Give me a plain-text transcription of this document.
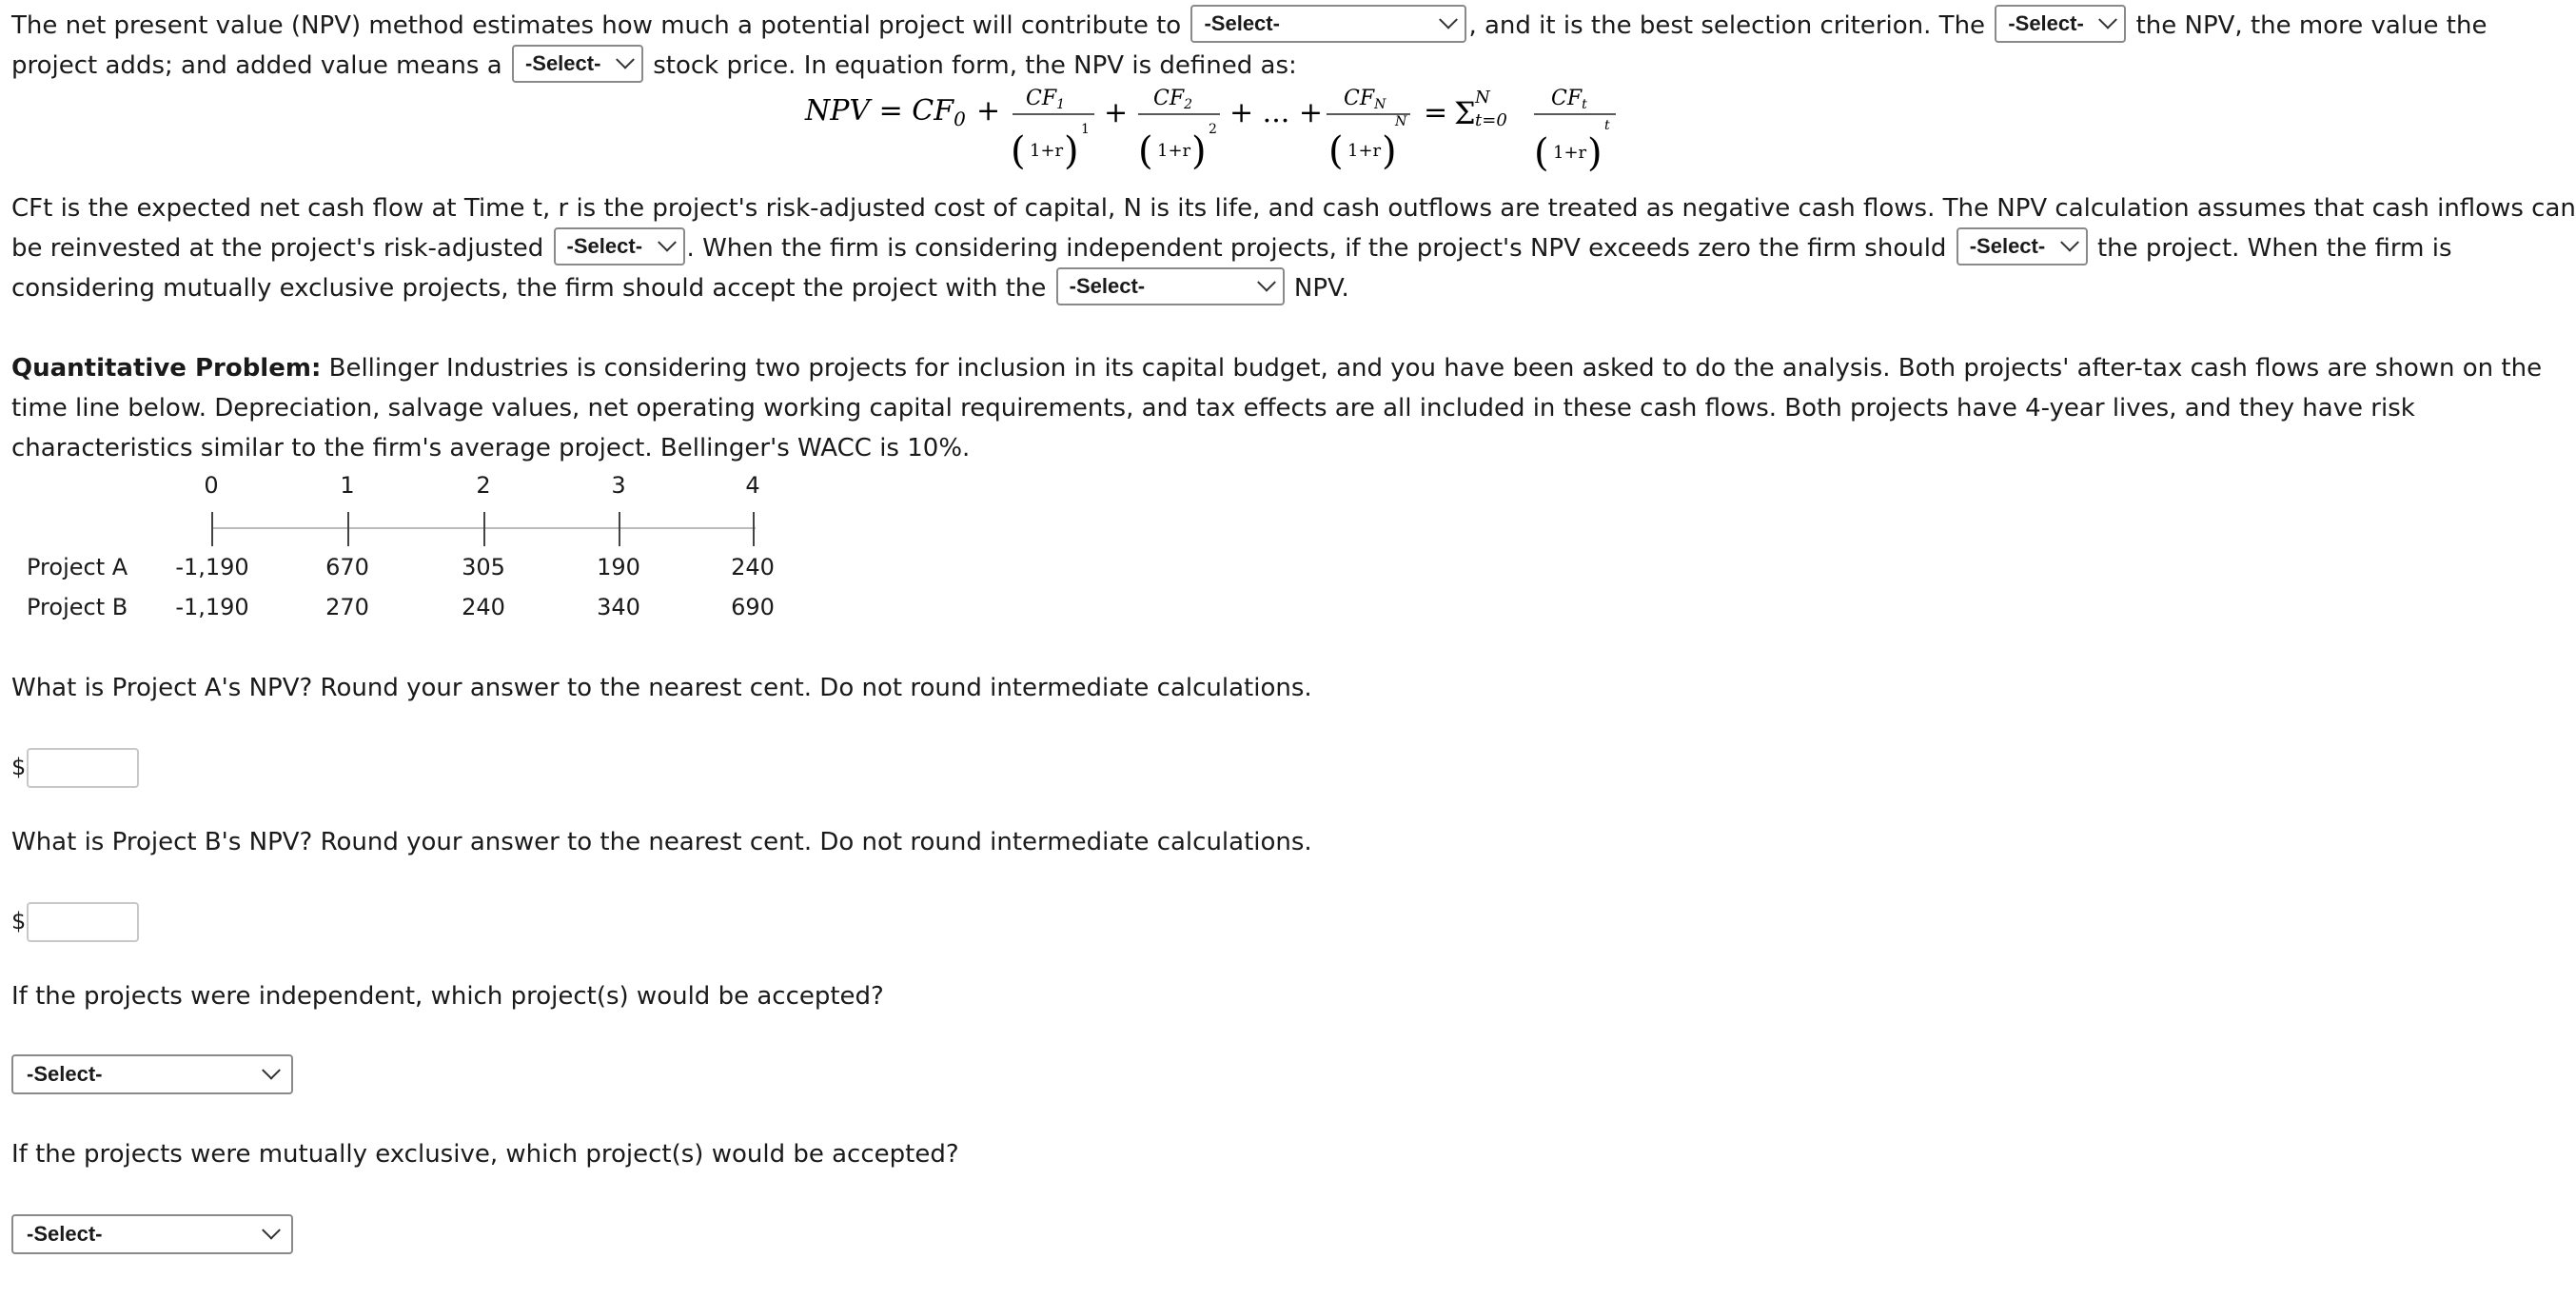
The net present value (NPV) method estimates how much a potential project will contribute to -Select-	, and it is the best selection criterion. The -Select- the NPV, the more value the
project adds; and added value means a -Select- stock price. In equation form, the NPV is defined as:
NPV = $CF_0 + CF1$
( 1+r ) 1 + CF2
( 1+r ) 2 + ... + CFN
( 1+r )
N = Σ N
t=0
CFt
( 1+r )
t
CFt is the expected net cash flow at Time t, r is the project's risk-adjusted cost of capital, N is its life, and cash outflows are treated as negative cash flows. The NPV calculation assumes that cash inflows can
be reinvested at the project's risk-adjusted -Select- . When the firm is considering independent projects, if the project's NPV exceeds zero the firm should -Select- the project. When the firm is
considering mutually exclusive projects, the firm should accept the project with the -Select-	NPV.
Quantitative Problem: Bellinger Industries is considering two projects for inclusion in its capital budget, and you have been asked to do the analysis. Both projects' after-tax cash flows are shown on the
time line below. Depreciation, salvage values, net operating working capital requirements, and tax effects are all included in these cash flows. Both projects have 4-year lives, and they have risk
characteristics similar to the firm's average project. Bellinger's WACC is 10%.
0	1	2	3	4
Project A	-1,190	670	305	190	240
Project B	-1,190	270	240	340	690
What is Project A's NPV? Round your answer to the nearest cent. Do not round intermediate calculations.
$
What is Project B's NPV? Round your answer to the nearest cent. Do not round intermediate calculations.
$
If the projects were independent, which project(s) would be accepted?
-Select-
If the projects were mutually exclusive, which project(s) would be accepted?
-Select-
